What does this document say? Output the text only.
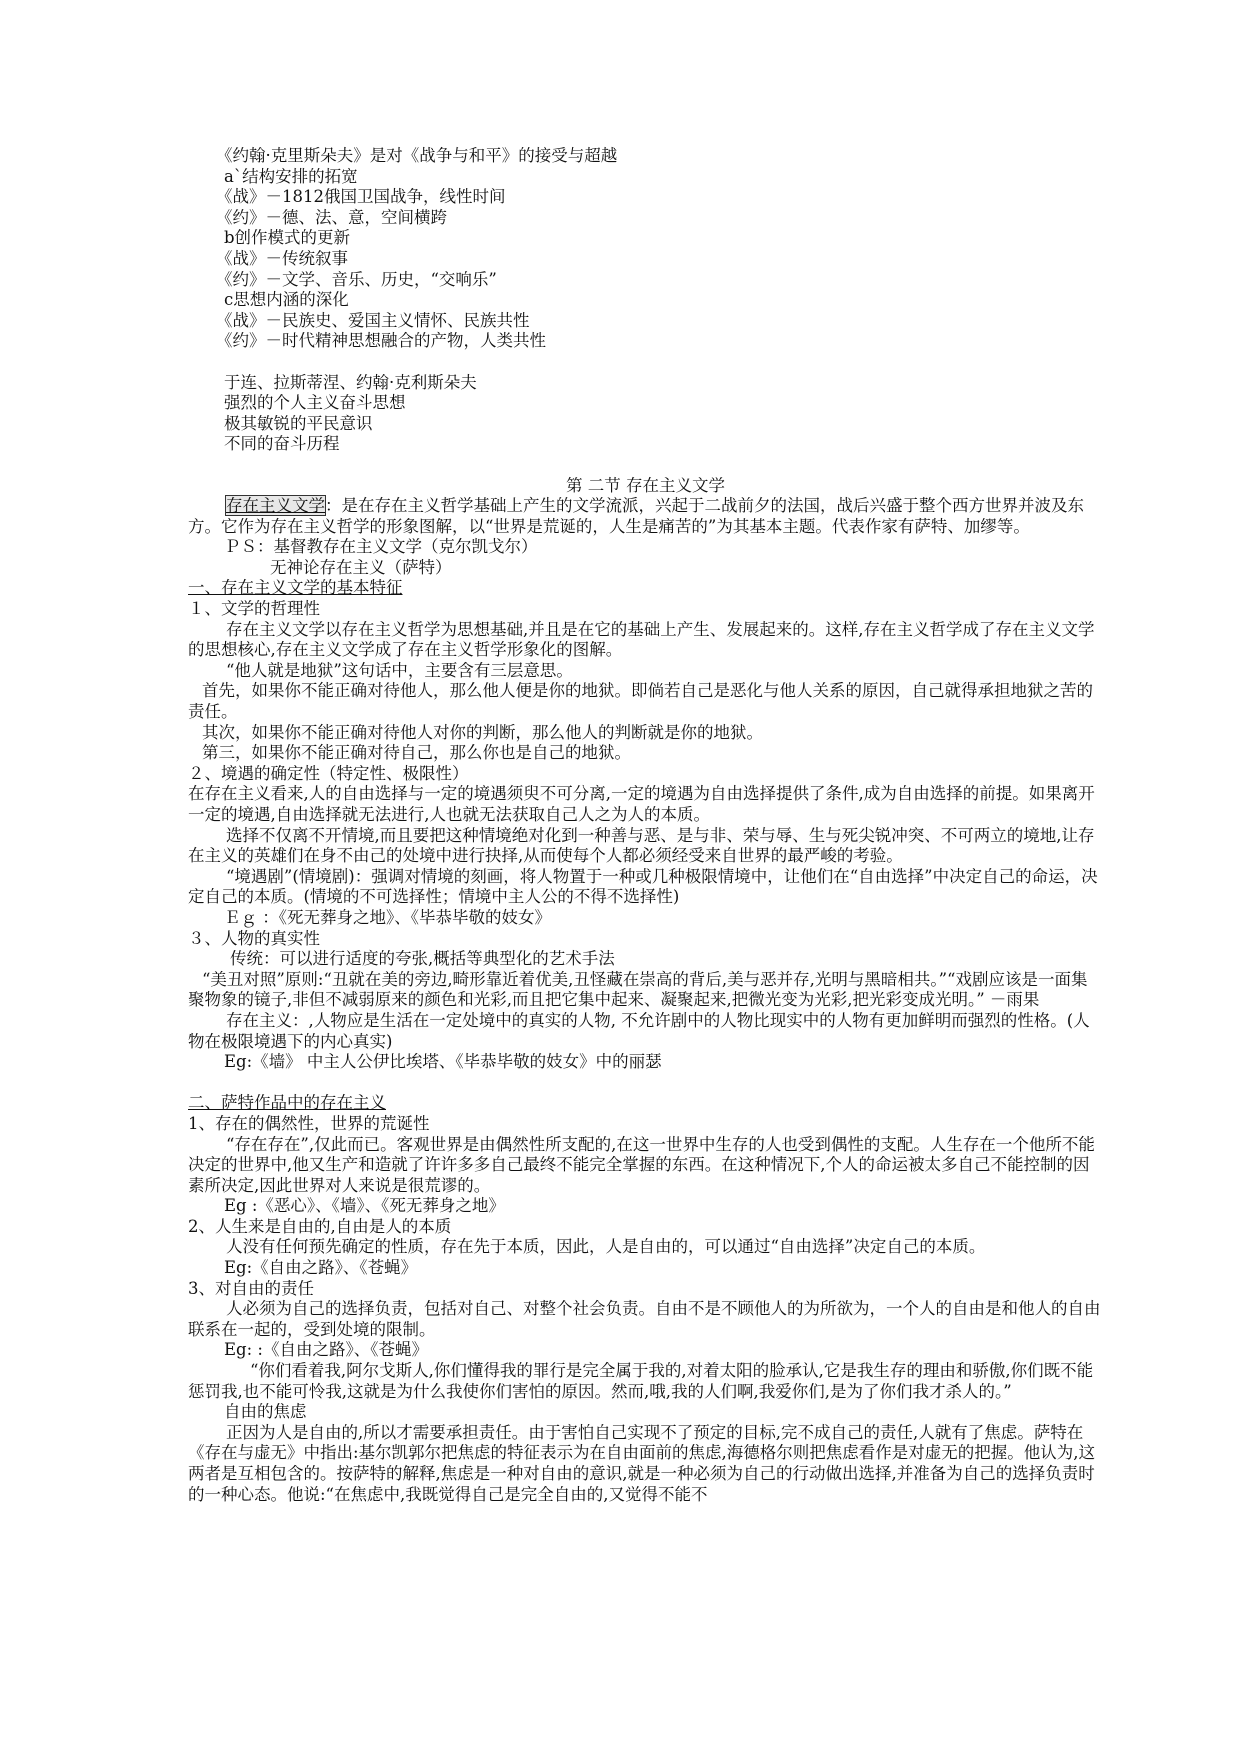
《约翰·克里斯朵夫》是对《战争与和平》的接受与超越
a`结构安排的拓宽
《战》－1812俄国卫国战争，线性时间
《约》－德、法、意，空间横跨
b创作模式的更新
《战》－传统叙事
《约》－文学、音乐、历史，“交响乐”
c思想内涵的深化
《战》－民族史、爱国主义情怀、民族共性
《约》－时代精神思想融合的产物，人类共性
于连、拉斯蒂涅、约翰·克利斯朵夫
强烈的个人主义奋斗思想
极其敏锐的平民意识
不同的奋斗历程
第 二节 存在主义文学
存在主义文学：是在存在主义哲学基础上产生的文学流派，兴起于二战前夕的法国，战后兴盛于整个西方世界并波及东方。它作为存在主义哲学的形象图解，以“世界是荒诞的，人生是痛苦的”为其基本主题。代表作家有萨特、加缪等。
ＰＳ：基督教存在主义文学（克尔凯戈尔）
无神论存在主义（萨特）
一、存在主义文学的基本特征
１、文学的哲理性
存在主义文学以存在主义哲学为思想基础,并且是在它的基础上产生、发展起来的。这样,存在主义哲学成了存在主义文学的思想核心,存在主义文学成了存在主义哲学形象化的图解。
“他人就是地狱”这句话中，主要含有三层意思。
首先，如果你不能正确对待他人，那么他人便是你的地狱。即倘若自己是恶化与他人关系的原因，自己就得承担地狱之苦的责任。
其次，如果你不能正确对待他人对你的判断，那么他人的判断就是你的地狱。
第三，如果你不能正确对待自己，那么你也是自己的地狱。
２、境遇的确定性（特定性、极限性）
在存在主义看来,人的自由选择与一定的境遇须臾不可分离,一定的境遇为自由选择提供了条件,成为自由选择的前提。如果离开一定的境遇,自由选择就无法进行,人也就无法获取自己人之为人的本质。
选择不仅离不开情境,而且要把这种情境绝对化到一种善与恶、是与非、荣与辱、生与死尖锐冲突、不可两立的境地,让存在主义的英雄们在身不由己的处境中进行抉择,从而使每个人都必须经受来自世界的最严峻的考验。
“境遇剧”(情境剧)：强调对情境的刻画，将人物置于一种或几种极限情境中，让他们在“自由选择”中决定自己的命运，决定自己的本质。(情境的不可选择性；情境中主人公的不得不选择性)
Ｅｇ ：《死无葬身之地》、《毕恭毕敬的妓女》
３、人物的真实性
传统：可以进行适度的夸张,概括等典型化的艺术手法
“美丑对照”原则:“丑就在美的旁边,畸形靠近着优美,丑怪藏在崇高的背后,美与恶并存,光明与黑暗相共。”“戏剧应该是一面集聚物象的镜子,非但不减弱原来的颜色和光彩,而且把它集中起来、凝聚起来,把微光变为光彩,把光彩变成光明。” －雨果
存在主义：,人物应是生活在一定处境中的真实的人物, 不允许剧中的人物比现实中的人物有更加鲜明而强烈的性格。(人物在极限境遇下的内心真实)
Eg:《墙》 中主人公伊比埃塔、《毕恭毕敬的妓女》中的丽瑟
二、萨特作品中的存在主义
1、存在的偶然性，世界的荒诞性
“存在存在”,仅此而已。客观世界是由偶然性所支配的,在这一世界中生存的人也受到偶性的支配。人生存在一个他所不能决定的世界中,他又生产和造就了许许多多自己最终不能完全掌握的东西。在这种情况下,个人的命运被太多自己不能控制的因素所决定,因此世界对人来说是很荒谬的。
Eg :《恶心》、《墙》、《死无葬身之地》
2、人生来是自由的,自由是人的本质
人没有任何预先确定的性质，存在先于本质，因此，人是自由的，可以通过“自由选择”决定自己的本质。
Eg:《自由之路》、《苍蝇》
3、对自由的责任
人必须为自己的选择负责，包括对自己、对整个社会负责。自由不是不顾他人的为所欲为，一个人的自由是和他人的自由联系在一起的，受到处境的限制。
Eg: :《自由之路》、《苍蝇》
“你们看着我,阿尔戈斯人,你们懂得我的罪行是完全属于我的,对着太阳的脸承认,它是我生存的理由和骄傲,你们既不能惩罚我,也不能可怜我,这就是为什么我使你们害怕的原因。然而,哦,我的人们啊,我爱你们,是为了你们我才杀人的。”
自由的焦虑
正因为人是自由的,所以才需要承担责任。由于害怕自己实现不了预定的目标,完不成自己的责任,人就有了焦虑。萨特在《存在与虚无》中指出:基尔凯郭尔把焦虑的特征表示为在自由面前的焦虑,海德格尔则把焦虑看作是对虚无的把握。他认为,这两者是互相包含的。按萨特的解释,焦虑是一种对自由的意识,就是一种必须为自己的行动做出选择,并准备为自己的选择负责时的一种心态。他说:“在焦虑中,我既觉得自己是完全自由的,又觉得不能不
